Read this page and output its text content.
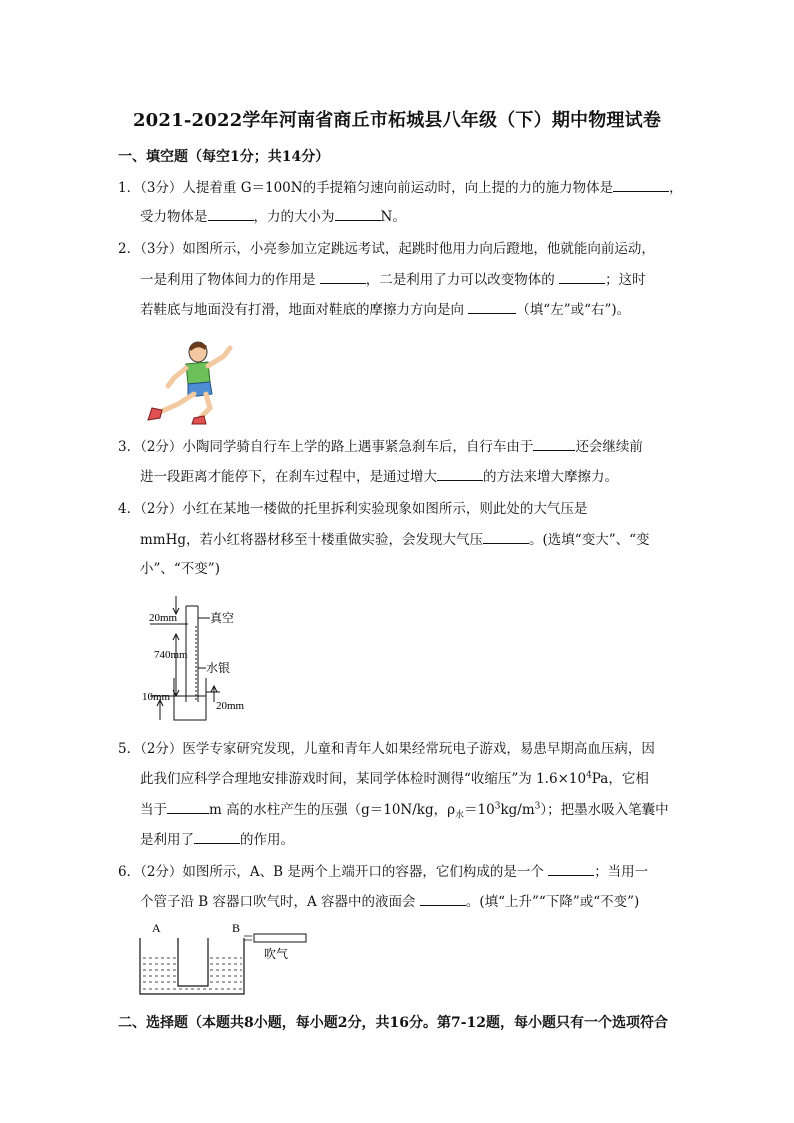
2021-2022学年河南省商丘市柘城县八年级（下）期中物理试卷
一、填空题（每空1分；共14分）
1．（3分）人提着重 G＝100N的手提箱匀速向前运动时，向上提的力的施力物体是	，
受力物体是	，力的大小为	N。
2．（3分）如图所示，小亮参加立定跳远考试，起跳时他用力向后蹬地，他就能向前运动，
一是利用了物体间力的作用是	，二是利用了力可以改变物体的	；这时
若鞋底与地面没有打滑，地面对鞋底的摩擦力方向是向	（填“左”或“右”)。
3．（2分）小陶同学骑自行车上学的路上遇事紧急刹车后，自行车由于	还会继续前
进一段距离才能停下，在刹车过程中，是通过增大	的方法来增大摩擦力。
4．（2分）小红在某地一楼做的托里拆利实验现象如图所示，则此处的大气压是
mmHg，若小红将器材移至十楼重做实验，会发现大气压	。(选填“变大”、“变
小”、“不变”)
20mm	真空
740mm
水银
10mm
20mm
5．（2分）医学专家研究发现，儿童和青年人如果经常玩电子游戏，易患早期高血压病，因
此我们应科学合理地安排游戏时间，某同学体检时测得“收缩压”为 $1.6\times 10^4Pa$，它相
当于	m 高的水柱产生的压强（g＝10N/kg，$\rho_水=10^3kg/m^3$）；把墨水吸入笔囊中
是利用了	的作用。
6．（2分）如图所示，A、B 是两个上端开口的容器，它们构成的是一个	；当用一
个管子沿 B 容器口吹气时，A 容器中的液面会	。(填“上升”“下降”或“不变”)
A	B
吹气
二、选择题（本题共8小题，每小题2分，共16分。第7-12题，每小题只有一个选项符合
